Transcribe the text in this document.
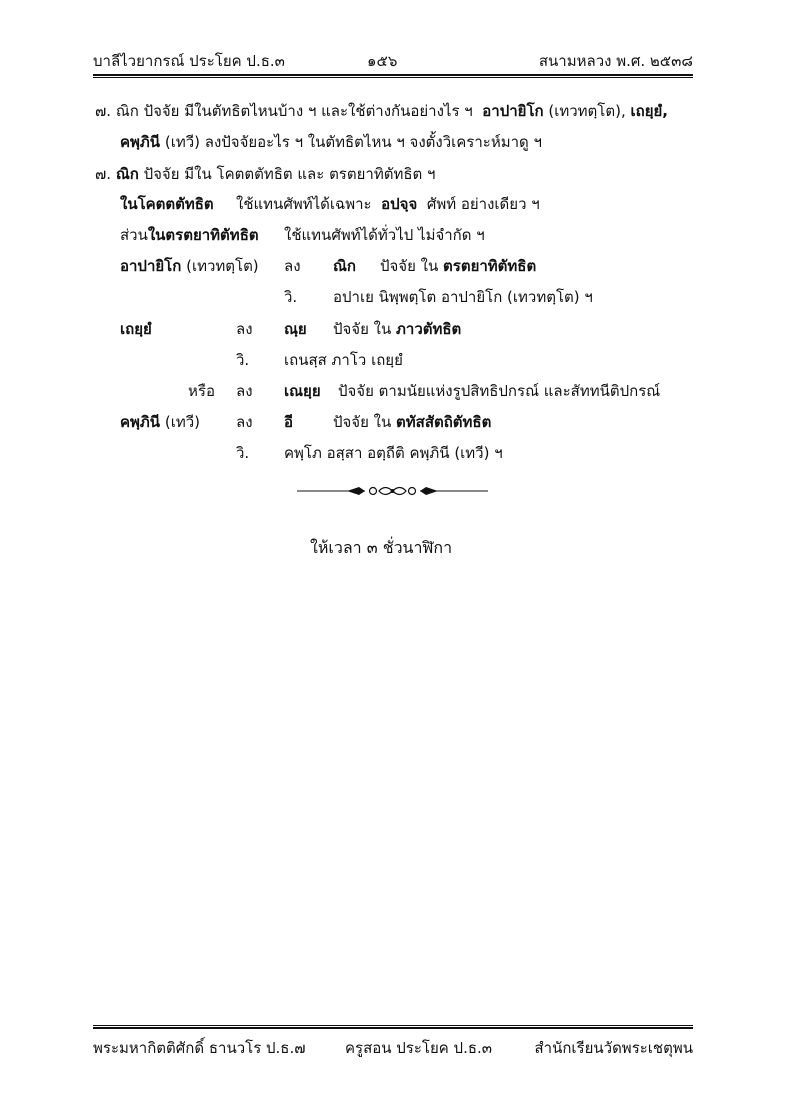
บาลีไวยากรณ์ ประโยค ป.ธ.๓	๑๕๖	สนามหลวง พ.ศ. ๒๕๓๘
๗. ณิก ปัจจัย มีในตัทธิตไหนบ้าง ฯ และใช้ต่างกันอย่างไร ฯ อาปายิโก (เทวทตฺโต), เถยฺยํ,
คพฺภินี (เทวี) ลงปัจจัยอะไร ฯ ในตัทธิตไหน ฯ จงตั้งวิเคราะห์มาดู ฯ
๗. ณิก ปัจจัย มีใน โคตตตัทธิต และ ตรตยาทิตัทธิต ฯ
ในโคตตตัทธิต ใช้แทนศัพท์ได้เฉพาะ อปจฺจ ศัพท์ อย่างเดียว ฯ
ส่วนในตรตยาทิตัทธิต ใช้แทนศัพท์ได้ทั่วไป ไม่จำกัด ฯ
อาปายิโก (เทวทตฺโต) ลง ณิก ปัจจัย ใน ตรตยาทิตัทธิต
วิ. อปาเย นิพฺพตฺโต อาปายิโก (เทวทตฺโต) ฯ
เถยฺยํ	ลง ณฺย ปัจจัย ใน ภาวตัทธิต
วิ. เถนสฺส ภาโว เถยฺยํ
หรือ ลง เณยฺย ปัจจัย ตามนัยแห่งรูปสิทธิปกรณ์ และสัททนีติปกรณ์
คพฺภินี (เทวี) ลง อี	ปัจจัย ใน ตทัสสัตถิตัทธิต
วิ. คพฺโภ อสฺสา อตฺถีติ คพฺภินี (เทวี) ฯ
ให้เวลา ๓ ชั่วนาฬิกา
พระมหากิตติศักดิ์ ธานวโร ป.ธ.๗	ครูสอน ประโยค ป.ธ.๓	สำนักเรียนวัดพระเชตุพน
